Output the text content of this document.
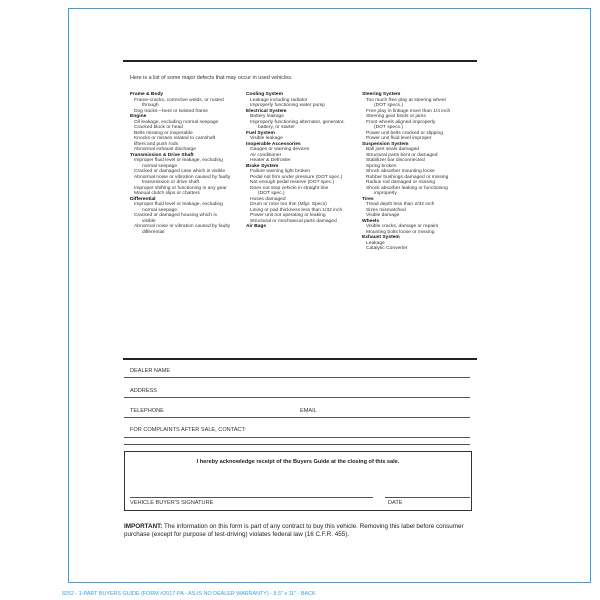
Here is a list of some major defects that may occur in used vehicles.
Frame & Body
Frame-cracks, corrective welds, or rusted
through
Dog tracks—bent or twisted frame
Engine
Oil leakage, excluding normal seepage
Cracked block or head
Belts missing or inoperable
Knocks or misses related to camshaft
lifters and push rods
Abnormal exhaust discharge
Transmission & Drive Shaft
Improper fluid level or leakage, excluding
normal seepage
Cracked or damaged case which is visible
Abnormal noise or vibration caused by faulty
transmission or drive shaft
Improper shifting or functioning in any gear
Manual clutch slips or chatters
Differential
Improper fluid level or leakage, excluding
normal seepage
Cracked or damaged housing which is
visible
Abnormal noise or vibration caused by faulty
differential
Cooling System
Leakage including radiator
Improperly functioning water pump
Electrical System
Battery leakage
Improperly functioning alternator, generator,
battery, or starter
Fuel System
Visible leakage
Inoperable Accessories
Gauges or warning devices
Air conditioner
Heater & Defroster
Brake System
Failure warning light broken
Pedal not firm under pressure (DOT spec.)
Not enough pedal reserve (DOT spec.)
Does not stop vehicle in straight line
(DOT spec.)
Hoses damaged
Drum or rotor too thin (Mfgr. Specs)
Lining or pad thickness less than 1/32 inch
Power unit not operating or leaking
Structural or mechanical parts damaged
Air Bags
Steering System
Too much free play at steering wheel
(DOT specs.)
Free play in linkage more than 1/4 inch
Steering gear binds or jams
Front wheels aligned improperly
(DOT specs.)
Power unit belts cracked or slipping
Power unit fluid level improper
Suspension System
Ball joint seals damaged
Structural parts bent or damaged
Stabilizer bar disconnected
Spring broken
Shock absorber mounting loose
Rubber bushings damaged or missing
Radius rod damaged or missing
Shock absorber leaking or functioning
improperly
Tires
Tread depth less than 2/32 inch
Sizes mismatched
Visible damage
Wheels
Visible cracks, damage or repairs
Mounting bolts loose or missing
Exhaust System
Leakage
Catalytic Converter
DEALER NAME
ADDRESS
TELEPHONE	EMAIL
FOR COMPLAINTS AFTER SALE, CONTACT:
I hereby acknowledge receipt of the Buyers Guide at the closing of this sale.
VEHICLE BUYER'S SIGNATURE	DATE
IMPORTANT: The information on this form is part of any contract to buy this vehicle. Removing this label before consumer purchase (except for purpose of test-driving) violates federal law (16 C.F.R. 455).
8252 - 1-PART BUYERS GUIDE (FORM #2017-PA - AS-IS NO DEALER WARRANTY) - 8.5" x 11" - BACK
